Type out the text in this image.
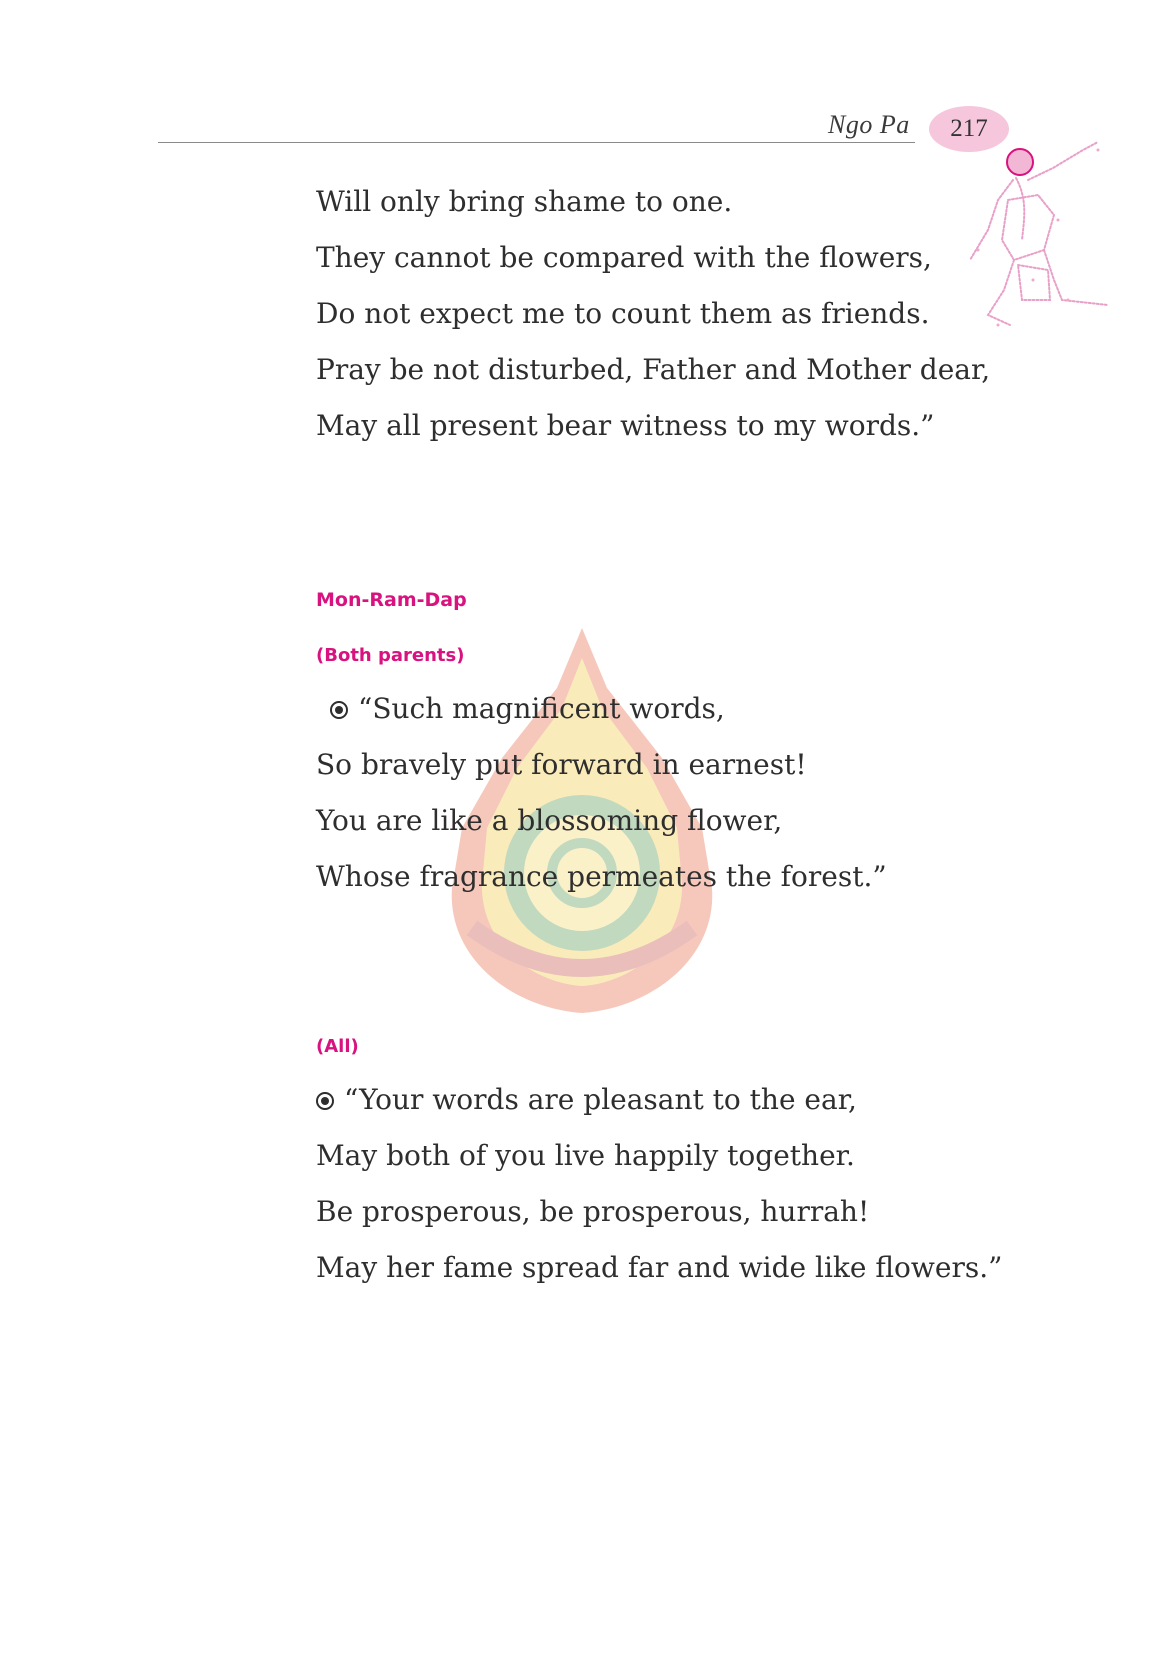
Ngo Pa 217
Will only bring shame to one.
They cannot be compared with the flowers,
Do not expect me to count them as friends.
Pray be not disturbed, Father and Mother dear,
May all present bear witness to my words.”
Mon-Ram-Dap
(Both parents)
“Such magnificent words,
So bravely put forward in earnest!
You are like a blossoming flower,
Whose fragrance permeates the forest.”
(All)
“Your words are pleasant to the ear,
May both of you live happily together.
Be prosperous, be prosperous, hurrah!
May her fame spread far and wide like flowers.”
